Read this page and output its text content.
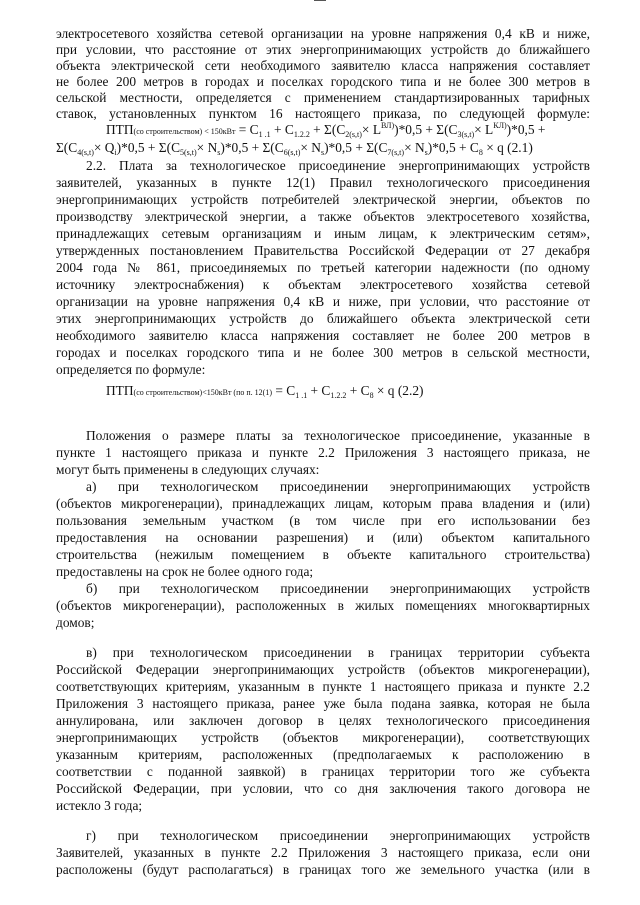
электросетевого хозяйства сетевой организации на уровне напряжения 0,4 кВ и ниже,
при условии, что расстояние от этих энергопринимающих устройств до ближайшего
объекта электрической сети необходимого заявителю класса напряжения составляет
не более 200 метров в городах и поселках городского типа и не более 300 метров в
сельской местности, определяется с применением стандартизированных тарифных
ставок, установленных пунктом 16 настоящего приказа, по следующей формуле:
ПТП(со строительством) < $150кВт = C_{1 .1} + C_{1.2.2} + \Sigma(C_{2(s,t)}\times L^{ВЛ)})*0,5 + \Sigma(C_{3(s,t)}\times L^{КЛ)})*0,5$ +
$\Sigma(C_{4(s,t)}\times Q_i)*0,5 + \Sigma(C_{5(s,t)}\times N_s)*0,5 + \Sigma(C_{6(s,t)}\times N_s)*0,5 + \Sigma(C_{7(s,t)}\times N_s)*0,5 + C_8 \times q$ (2.1)
2.2. Плата за технологическое присоединение энергопринимающих устройств
заявителей, указанных в пункте 12(1) Правил технологического присоединения
энергопринимающих устройств потребителей электрической энергии, объектов по
производству электрической энергии, а также объектов электросетевого хозяйства,
принадлежащих сетевым организациям и иным лицам, к электрическим сетям»,
утвержденных постановлением Правительства Российской Федерации от 27 декабря
2004 года № 861, присоединяемых по третьей категории надежности (по одному
источнику электроснабжения) к объектам электросетевого хозяйства сетевой
организации на уровне напряжения 0,4 кВ и ниже, при условии, что расстояние от
этих энергопринимающих устройств до ближайшего объекта электрической сети
необходимого заявителю класса напряжения составляет не более 200 метров в
городах и поселках городского типа и не более 300 метров в сельской местности,
определяется по формуле:
ПТП(со строительством)<150кВт (по п. $12(1) = C_{1 .1} + C_{1.2.2} + C_8 \times q$ (2.2)
Положения о размере платы за технологическое присоединение, указанные в
пункте 1 настоящего приказа и пункте 2.2 Приложения 3 настоящего приказа, не
могут быть применены в следующих случаях:
а) при технологическом присоединении энергопринимающих устройств
(объектов микрогенерации), принадлежащих лицам, которым права владения и (или)
пользования земельным участком (в том числе при его использовании без
предоставления на основании разрешения) и (или) объектом капитального
строительства (нежилым помещением в объекте капитального строительства)
предоставлены на срок не более одного года;
б) при технологическом присоединении энергопринимающих устройств
(объектов микрогенерации), расположенных в жилых помещениях многоквартирных
домов;
в) при технологическом присоединении в границах территории субъекта
Российской Федерации энергопринимающих устройств (объектов микрогенерации),
соответствующих критериям, указанным в пункте 1 настоящего приказа и пункте 2.2
Приложения 3 настоящего приказа, ранее уже была подана заявка, которая не была
аннулирована, или заключен договор в целях технологического присоединения
энергопринимающих устройств (объектов микрогенерации), соответствующих
указанным критериям, расположенных (предполагаемых к расположению в
соответствии с поданной заявкой) в границах территории того же субъекта
Российской Федерации, при условии, что со дня заключения такого договора не
истекло 3 года;
г) при технологическом присоединении энергопринимающих устройств
Заявителей, указанных в пункте 2.2 Приложения 3 настоящего приказа, если они
расположены (будут располагаться) в границах того же земельного участка (или в
